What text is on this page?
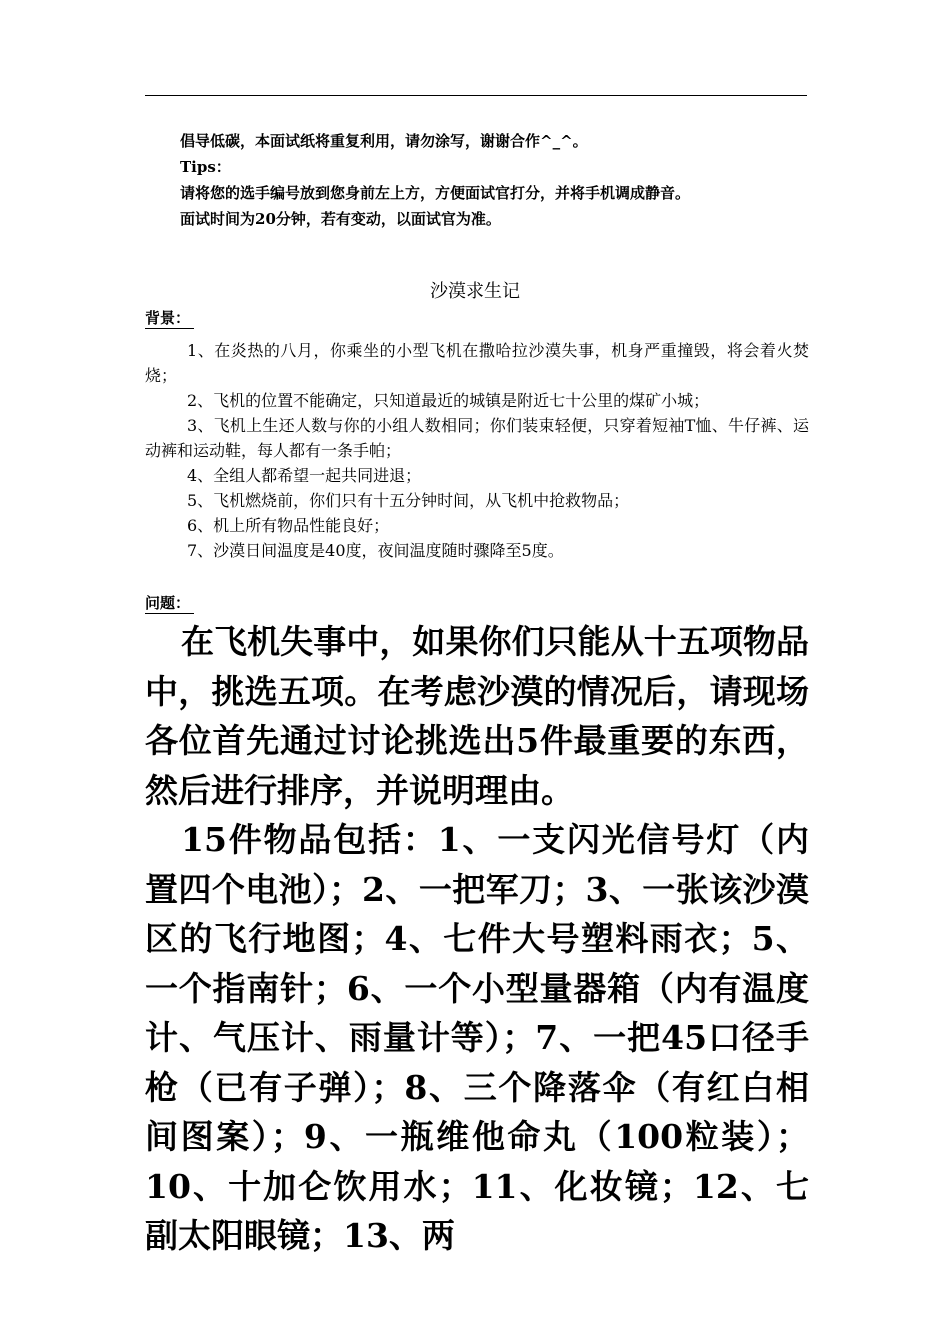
倡导低碳，本面试纸将重复利用，请勿涂写，谢谢合作^_^。
Tips：
请将您的选手编号放到您身前左上方，方便面试官打分，并将手机调成静音。
面试时间为20分钟，若有变动，以面试官为准。
沙漠求生记
背景：

1、在炎热的八月，你乘坐的小型飞机在撒哈拉沙漠失事，机身严重撞毁，将会着火焚烧；

2、飞机的位置不能确定，只知道最近的城镇是附近七十公里的煤矿小城；

3、飞机上生还人数与你的小组人数相同；你们装束轻便，只穿着短袖T恤、牛仔裤、运动裤和运动鞋，每人都有一条手帕；

4、全组人都希望一起共同进退；

5、飞机燃烧前，你们只有十五分钟时间，从飞机中抢救物品；

6、机上所有物品性能良好；

7、沙漠日间温度是40度，夜间温度随时骤降至5度。

问题：

在飞机失事中，如果你们只能从十五项物品中，挑选五项。在考虑沙漠的情况后，请现场各位首先通过讨论挑选出5件最重要的东西，然后进行排序，并说明理由。

15件物品包括：1、一支闪光信号灯（内置四个电池）；2、一把军刀；3、一张该沙漠区的飞行地图；4、七件大号塑料雨衣；5、一个指南针；6、一个小型量器箱（内有温度计、气压计、雨量计等）；7、一把45口径手枪（已有子弹）；8、三个降落伞（有红白相间图案）；9、一瓶维他命丸（100粒装）；10、十加仑饮用水；11、化妆镜；12、七副太阳眼镜；13、两
